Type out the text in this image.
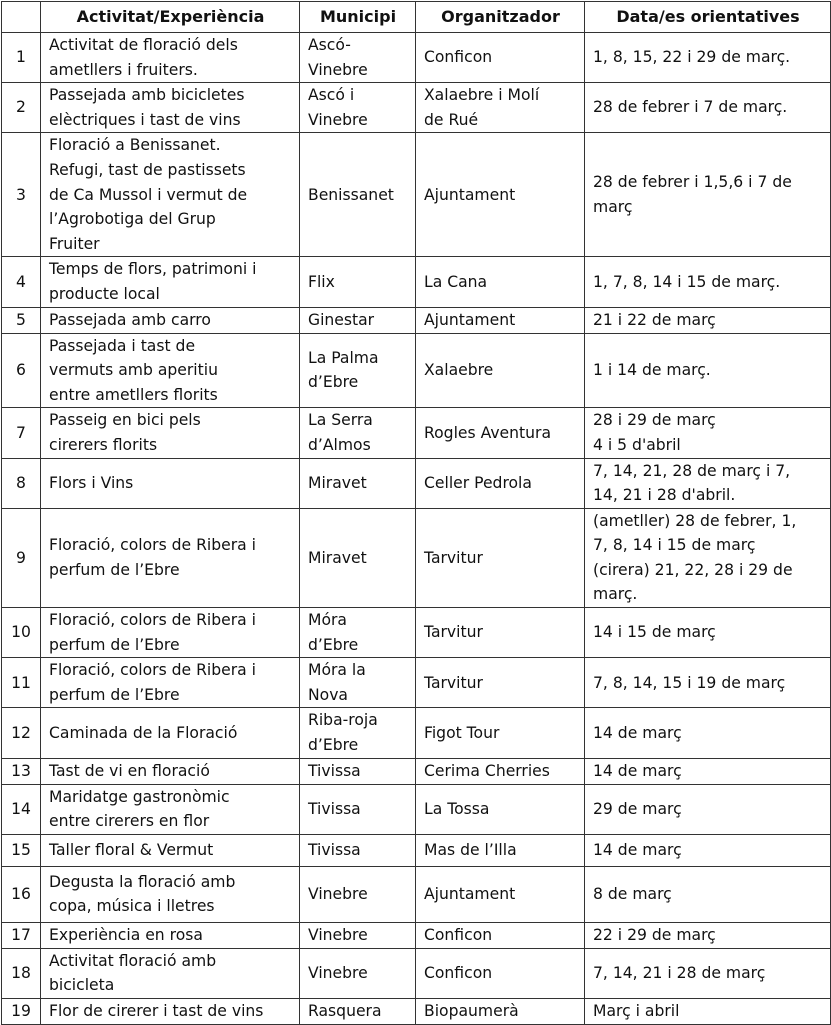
	Activitat/Experiència	Municipi	Organitzador	Data/es orientatives
1	Activitat de floració dels
ametllers i fruiters.	Ascó-
Vinebre	Conficon	1, 8, 15, 22 i 29 de març.

2	Passejada amb bicicletes
elèctriques i tast de vins	Ascó i
Vinebre	Xalaebre i Molí
de Rué	28 de febrer i 7 de març.

3	Floració a Benissanet.
Refugi, tast de pastissets
de Ca Mussol i vermut de
l’Agrobotiga del Grup
Fruiter	Benissanet	Ajuntament	28 de febrer i 1,5,6 i 7 de
març

4	Temps de flors, patrimoni i
producte local	Flix	La Cana	1, 7, 8, 14 i 15 de març.

5	Passejada amb carro	Ginestar	Ajuntament	21 i 22 de març

6	Passejada i tast de
vermuts amb aperitiu
entre ametllers florits	La Palma
d’Ebre	Xalaebre	1 i 14 de març.

7	Passeig en bici pels
cirerers florits	La Serra
d’Almos	Rogles Aventura	28 i 29 de març
4 i 5 d'abril

8	Flors i Vins	Miravet	Celler Pedrola	7, 14, 21, 28 de març i 7,
14, 21 i 28 d'abril.

9	Floració, colors de Ribera i
perfum de l’Ebre	Miravet	Tarvitur	(ametller) 28 de febrer, 1,
7, 8, 14 i 15 de març
(cirera) 21, 22, 28 i 29 de
març.

10	Floració, colors de Ribera i
perfum de l’Ebre	Móra
d’Ebre	Tarvitur	14 i 15 de març

11	Floració, colors de Ribera i
perfum de l’Ebre	Móra la
Nova	Tarvitur	7, 8, 14, 15 i 19 de març

12	Caminada de la Floració	Riba-roja
d’Ebre	Figot Tour	14 de març

13	Tast de vi en floració	Tivissa	Cerima Cherries	14 de març

14	Maridatge gastronòmic
entre cirerers en flor	Tivissa	La Tossa	29 de març

15	Taller floral & Vermut	Tivissa	Mas de l’Illa	14 de març

16	Degusta la floració amb
copa, música i lletres	Vinebre	Ajuntament	8 de març

17	Experiència en rosa	Vinebre	Conficon	22 i 29 de març

18	Activitat floració amb
bicicleta	Vinebre	Conficon	7, 14, 21 i 28 de març

19	Flor de cirerer i tast de vins	Rasquera	Biopaumerà	Març i abril
